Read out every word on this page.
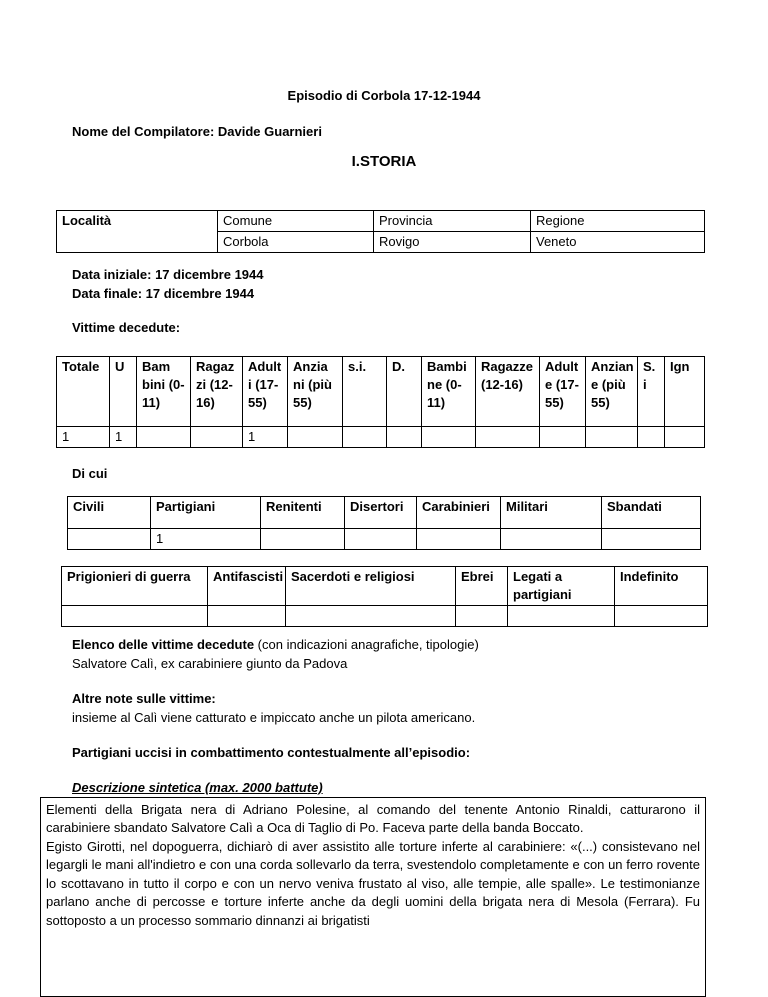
Episodio di Corbola 17-12-1944
Nome del Compilatore: Davide Guarnieri
I.STORIA
Località	Comune	Provincia	Regione
	Corbola	Rovigo	Veneto
Data iniziale: 17 dicembre 1944
Data finale: 17 dicembre 1944
Vittime decedute:
Totale	U	Bam bini (0-11)	Ragaz zi (12-16)	Adult i (17-55)	Anzia ni (più 55)	s.i.	D.	Bambi ne (0-11)	Ragazze (12-16)	Adult e (17-55)	Anzian e (più 55)	S. i	Ign
1	1			1									
Di cui
Civili	Partigiani	Renitenti	Disertori	Carabinieri	Militari	Sbandati
	1					
Prigionieri di guerra	Antifascisti	Sacerdoti e religiosi	Ebrei	Legati a partigiani	Indefinito

Elenco delle vittime decedute (con indicazioni anagrafiche, tipologie)
Salvatore Calì, ex carabiniere giunto da Padova
Altre note sulle vittime:
insieme al Calì viene catturato e impiccato anche un pilota americano.
Partigiani uccisi in combattimento contestualmente all’episodio:
Descrizione sintetica (max. 2000 battute)

Elementi della Brigata nera di Adriano Polesine, al comando del tenente Antonio Rinaldi, catturarono il carabiniere sbandato Salvatore Calì a Oca di Taglio di Po. Faceva parte della banda Boccato.

Egisto Girotti, nel dopoguerra, dichiarò di aver assistito alle torture inferte al carabiniere: «(...) consistevano nel legargli le mani all'indietro e con una corda sollevarlo da terra, svestendolo completamente e con un ferro rovente lo scottavano in tutto il corpo e con un nervo veniva frustato al viso, alle tempie, alle spalle». Le testimonianze parlano anche di percosse e torture inferte anche da degli uomini della brigata nera di Mesola (Ferrara). Fu sottoposto a un processo sommario dinnanzi ai brigatisti
